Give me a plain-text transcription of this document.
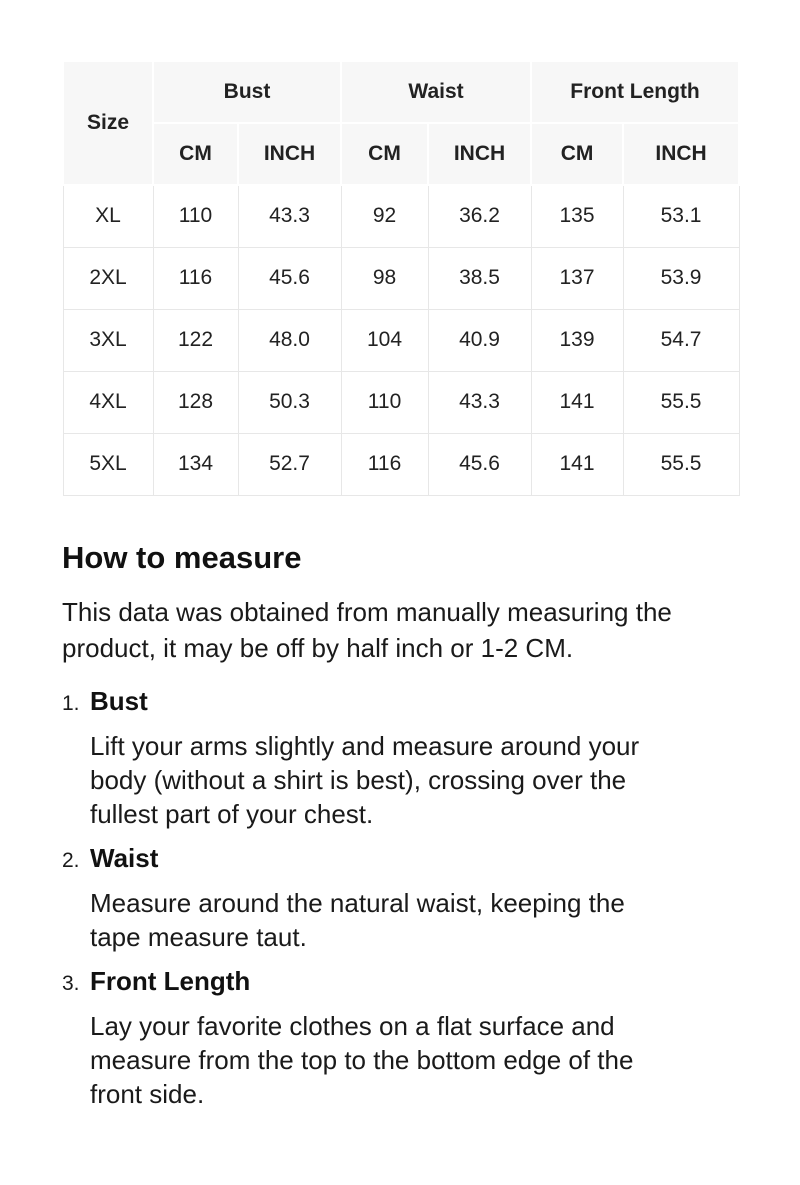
Size	Bust		Waist		Front Length	
	CM	INCH	CM	INCH	CM	INCH
XL	110	43.3	92	36.2	135	53.1
2XL	116	45.6	98	38.5	137	53.9
3XL	122	48.0	104	40.9	139	54.7
4XL	128	50.3	110	43.3	141	55.5
5XL	134	52.7	116	45.6	141	55.5
How to measure

This data was obtained from manually measuring the
product, it may be off by half inch or 1-2 CM.

1. Bust
Lift your arms slightly and measure around your
body (without a shirt is best), crossing over the
fullest part of your chest.
2. Waist
Measure around the natural waist, keeping the
tape measure taut.
3. Front Length
Lay your favorite clothes on a flat surface and
measure from the top to the bottom edge of the
front side.
